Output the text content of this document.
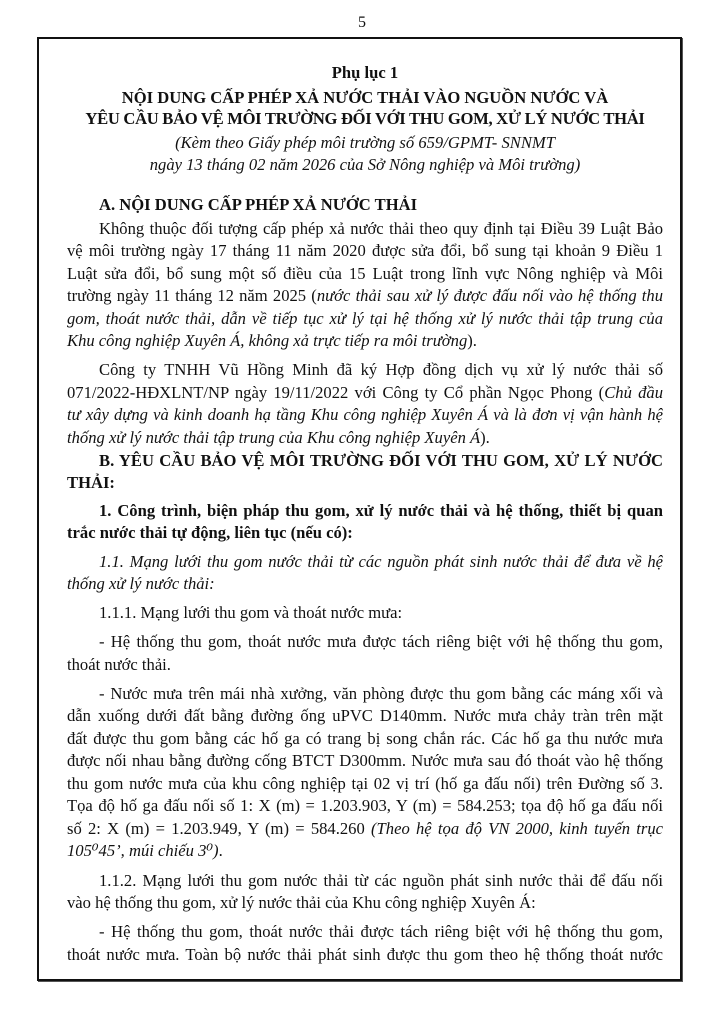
5
Phụ lục 1
NỘI DUNG CẤP PHÉP XẢ NƯỚC THẢI VÀO NGUỒN NƯỚC VÀ
YÊU CẦU BẢO VỆ MÔI TRƯỜNG ĐỐI VỚI THU GOM, XỬ LÝ NƯỚC THẢI
(Kèm theo Giấy phép môi trường số 659/GPMT- SNNMT
ngày 13 tháng 02 năm 2026 của Sở Nông nghiệp và Môi trường)
A. NỘI DUNG CẤP PHÉP XẢ NƯỚC THẢI
Không thuộc đối tượng cấp phép xả nước thải theo quy định tại Điều 39 Luật Bảo
vệ môi trường ngày 17 tháng 11 năm 2020 được sửa đổi, bổ sung tại khoản 9 Điều 1
Luật sửa đổi, bổ sung một số điều của 15 Luật trong lĩnh vực Nông nghiệp và Môi
trường ngày 11 tháng 12 năm 2025 (nước thải sau xử lý được đấu nối vào hệ thống thu
gom, thoát nước thải, dẫn về tiếp tục xử lý tại hệ thống xử lý nước thải tập trung của
Khu công nghiệp Xuyên Á, không xả trực tiếp ra môi trường).
Công ty TNHH Vũ Hồng Minh đã ký Hợp đồng dịch vụ xử lý nước thải số
071/2022-HĐXLNT/NP ngày 19/11/2022 với Công ty Cổ phần Ngọc Phong (Chủ đầu
tư xây dựng và kinh doanh hạ tầng Khu công nghiệp Xuyên Á và là đơn vị vận hành hệ
thống xử lý nước thải tập trung của Khu công nghiệp Xuyên Á).
B. YÊU CẦU BẢO VỆ MÔI TRƯỜNG ĐỐI VỚI THU GOM, XỬ LÝ NƯỚC
THẢI:
1. Công trình, biện pháp thu gom, xử lý nước thải và hệ thống, thiết bị quan
trắc nước thải tự động, liên tục (nếu có):
1.1. Mạng lưới thu gom nước thải từ các nguồn phát sinh nước thải để đưa về hệ
thống xử lý nước thải:
1.1.1. Mạng lưới thu gom và thoát nước mưa:
- Hệ thống thu gom, thoát nước mưa được tách riêng biệt với hệ thống thu gom,
thoát nước thải.
- Nước mưa trên mái nhà xưởng, văn phòng được thu gom bằng các máng xối và
dẫn xuống dưới đất bằng đường ống uPVC D140mm. Nước mưa chảy tràn trên mặt
đất được thu gom bằng các hố ga có trang bị song chắn rác. Các hố ga thu nước mưa
được nối nhau bằng đường cống BTCT D300mm. Nước mưa sau đó thoát vào hệ thống
thu gom nước mưa của khu công nghiệp tại 02 vị trí (hố ga đấu nối) trên Đường số 3.
Tọa độ hố ga đấu nối số 1: X (m) = 1.203.903, Y (m) = 584.253; tọa độ hố ga đấu nối
số 2: X (m) = 1.203.949, Y (m) = 584.260 (Theo hệ tọa độ VN 2000, kinh tuyến trục
105⁰45’, múi chiếu 3⁰).
1.1.2. Mạng lưới thu gom nước thải từ các nguồn phát sinh nước thải để đấu nối
vào hệ thống thu gom, xử lý nước thải của Khu công nghiệp Xuyên Á:
- Hệ thống thu gom, thoát nước thải được tách riêng biệt với hệ thống thu gom,
thoát nước mưa. Toàn bộ nước thải phát sinh được thu gom theo hệ thống thoát nước
